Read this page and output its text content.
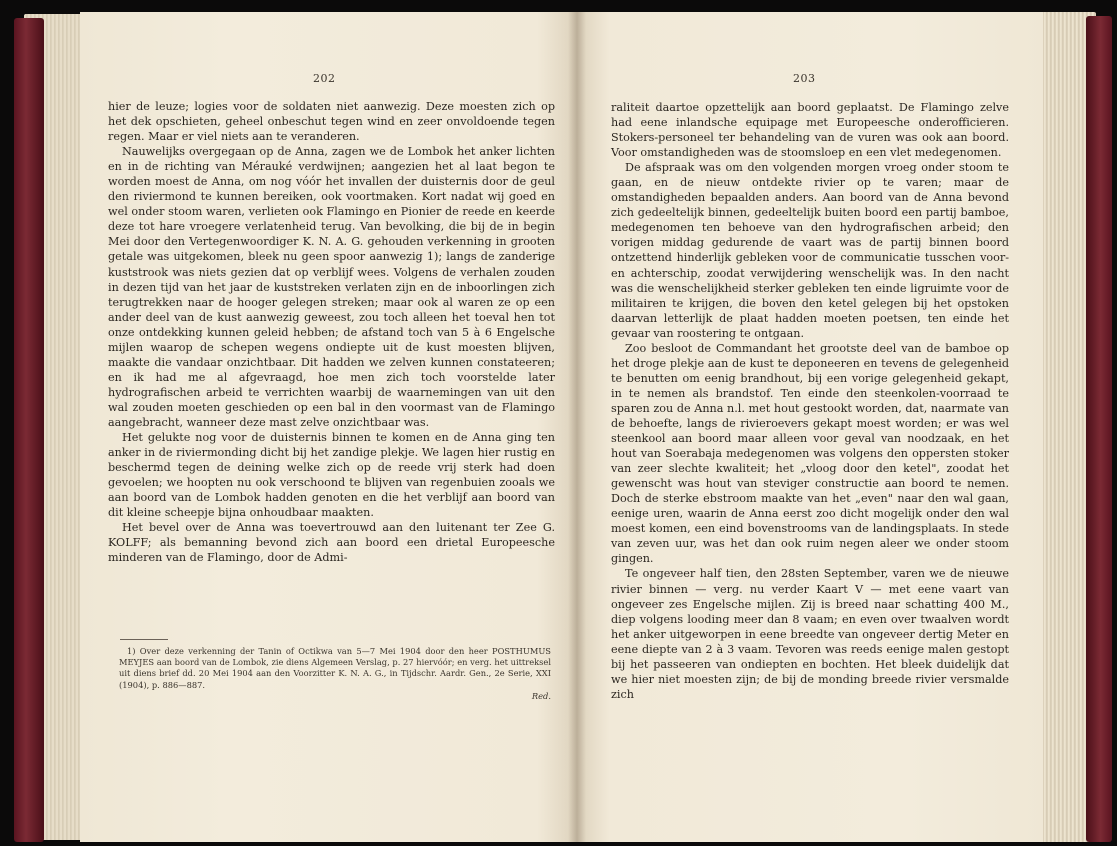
202	203

hier de leuze; logies voor de soldaten niet aanwezig. Deze moesten zich op het dek opschieten, geheel onbeschut tegen wind en zeer onvoldoende tegen regen. Maar er viel niets aan te veranderen.

Nauwelijks overgegaan op de Anna, zagen we de Lombok het anker lichten en in de richting van Mérauké verdwijnen; aangezien het al laat begon te worden moest de Anna, om nog vóór het invallen der duisternis door de geul den riviermond te kunnen bereiken, ook voortmaken. Kort nadat wij goed en wel onder stoom waren, verlieten ook Flamingo en Pionier de reede en keerde deze tot hare vroegere verlatenheid terug. Van bevolking, die bij de in begin Mei door den Vertegenwoordiger K. N. A. G. gehouden verkenning in grooten getale was uitgekomen, bleek nu geen spoor aanwezig 1); langs de zanderige kuststrook was niets gezien dat op verblijf wees. Volgens de verhalen zouden in dezen tijd van het jaar de kuststreken verlaten zijn en de inboorlingen zich terugtrekken naar de hooger gelegen streken; maar ook al waren ze op een ander deel van de kust aanwezig geweest, zou toch alleen het toeval hen tot onze ontdekking kunnen geleid hebben; de afstand toch van 5 à 6 Engelsche mijlen waarop de schepen wegens ondiepte uit de kust moesten blijven, maakte die vandaar onzichtbaar. Dit hadden we zelven kunnen constateeren; en ik had me al afgevraagd, hoe men zich toch voorstelde later hydrografischen arbeid te verrichten waarbij de waarnemingen van uit den wal zouden moeten geschieden op een bal in den voormast van de Flamingo aangebracht, wanneer deze mast zelve onzichtbaar was.

Het gelukte nog voor de duisternis binnen te komen en de Anna ging ten anker in de riviermonding dicht bij het zandige plekje. We lagen hier rustig en beschermd tegen de deining welke zich op de reede vrij sterk had doen gevoelen; we hoopten nu ook verschoond te blijven van regenbuien zooals we aan boord van de Lombok hadden genoten en die het verblijf aan boord van dit kleine scheepje bijna onhoudbaar maakten.

Het bevel over de Anna was toevertrouwd aan den luitenant ter Zee G. KOLFF; als bemanning bevond zich aan boord een drietal Europeesche minderen van de Flamingo, door de Admi-

1) Over deze verkenning der Tanin of Octikwa van 5—7 Mei 1904 door den heer POSTHUMUS MEYJES aan boord van de Lombok, zie diens Algemeen Verslag, p. 27 hiervóór; en verg. het uittreksel uit diens brief dd. 20 Mei 1904 aan den Voorzitter K. N. A. G., in Tijdschr. Aardr. Gen., 2e Serie, XXI (1904), p. 886—887.

Red.

raliteit daartoe opzettelijk aan boord geplaatst. De Flamingo zelve had eene inlandsche equipage met Europeesche onderofficieren. Stokers-personeel ter behandeling van de vuren was ook aan boord. Voor omstandigheden was de stoomsloep en een vlet medegenomen.

De afspraak was om den volgenden morgen vroeg onder stoom te gaan, en de nieuw ontdekte rivier op te varen; maar de omstandigheden bepaalden anders. Aan boord van de Anna bevond zich gedeeltelijk binnen, gedeeltelijk buiten boord een partij bamboe, medegenomen ten behoeve van den hydrografischen arbeid; den vorigen middag gedurende de vaart was de partij binnen boord ontzettend hinderlijk gebleken voor de communicatie tusschen voor- en achterschip, zoodat verwijdering wenschelijk was. In den nacht was die wenschelijkheid sterker gebleken ten einde ligruimte voor de militairen te krijgen, die boven den ketel gelegen bij het opstoken daarvan letterlijk de plaat hadden moeten poetsen, ten einde het gevaar van roostering te ontgaan.

Zoo besloot de Commandant het grootste deel van de bamboe op het droge plekje aan de kust te deponeeren en tevens de gelegenheid te benutten om eenig brandhout, bij een vorige gelegenheid gekapt, in te nemen als brandstof. Ten einde den steenkolen-voorraad te sparen zou de Anna n.l. met hout gestookt worden, dat, naarmate van de behoefte, langs de rivieroevers gekapt moest worden; er was wel steenkool aan boord maar alleen voor geval van noodzaak, en het hout van Soerabaja medegenomen was volgens den oppersten stoker van zeer slechte kwaliteit; het „vloog door den ketel", zoodat het gewenscht was hout van steviger constructie aan boord te nemen. Doch de sterke ebstroom maakte van het „even" naar den wal gaan, eenige uren, waarin de Anna eerst zoo dicht mogelijk onder den wal moest komen, een eind bovenstrooms van de landingsplaats. In stede van zeven uur, was het dan ook ruim negen aleer we onder stoom gingen.

Te ongeveer half tien, den 28sten September, varen we de nieuwe rivier binnen — verg. nu verder Kaart V — met eene vaart van ongeveer zes Engelsche mijlen. Zij is breed naar schatting 400 M., diep volgens looding meer dan 8 vaam; en even over twaalven wordt het anker uitgeworpen in eene breedte van ongeveer dertig Meter en eene diepte van 2 à 3 vaam. Tevoren was reeds eenige malen gestopt bij het passeeren van ondiepten en bochten. Het bleek duidelijk dat we hier niet moesten zijn; de bij de monding breede rivier versmalde zich
